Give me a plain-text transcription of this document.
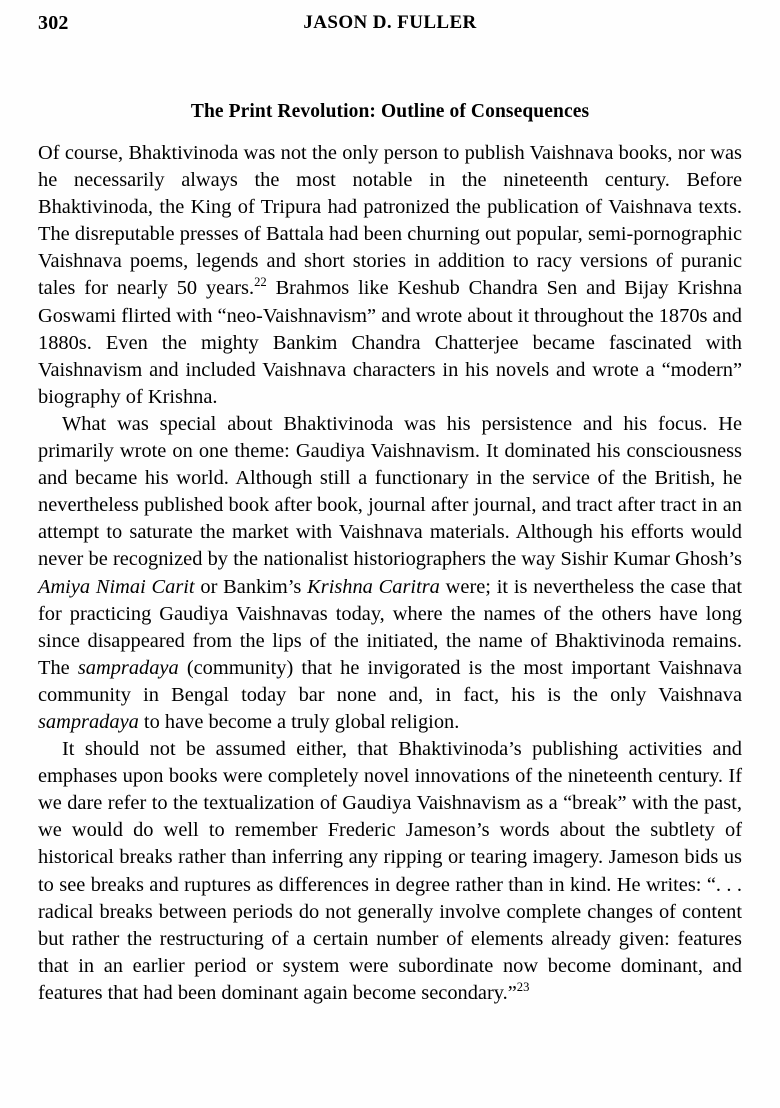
302	JASON D. FULLER
The Print Revolution: Outline of Consequences

Of course, Bhaktivinoda was not the only person to publish Vaishnava books, nor was he necessarily always the most notable in the nineteenth century. Before Bhaktivinoda, the King of Tripura had patronized the publication of Vaishnava texts. The disreputable presses of Battala had been churning out popular, semi-pornographic Vaishnava poems, legends and short stories in addition to racy versions of puranic tales for nearly 50 years.$^{22}$ Brahmos like Keshub Chandra Sen and Bijay Krishna Goswami flirted with “neo-Vaishnavism” and wrote about it throughout the 1870s and 1880s. Even the mighty Bankim Chandra Chatterjee became fascinated with Vaishnavism and included Vaishnava characters in his novels and wrote a “modern” biography of Krishna.

What was special about Bhaktivinoda was his persistence and his focus. He primarily wrote on one theme: Gaudiya Vaishnavism. It dominated his consciousness and became his world. Although still a functionary in the service of the British, he nevertheless published book after book, journal after journal, and tract after tract in an attempt to saturate the market with Vaishnava materials. Although his efforts would never be recognized by the nationalist historiographers the way Sishir Kumar Ghosh’s Amiya Nimai Carit or Bankim’s Krishna Caritra were; it is nevertheless the case that for practicing Gaudiya Vaishnavas today, where the names of the others have long since disappeared from the lips of the initiated, the name of Bhaktivinoda remains. The sampradaya (community) that he invigorated is the most important Vaishnava community in Bengal today bar none and, in fact, his is the only Vaishnava sampradaya to have become a truly global religion.

It should not be assumed either, that Bhaktivinoda’s publishing activities and emphases upon books were completely novel innovations of the nineteenth century. If we dare refer to the textualization of Gaudiya Vaishnavism as a “break” with the past, we would do well to remember Frederic Jameson’s words about the subtlety of historical breaks rather than inferring any ripping or tearing imagery. Jameson bids us to see breaks and ruptures as differences in degree rather than in kind. He writes: “. . . radical breaks between periods do not generally involve complete changes of content but rather the restructuring of a certain number of elements already given: features that in an earlier period or system were subordinate now become dominant, and features that had been dominant again become secondary.”$^{23}$
